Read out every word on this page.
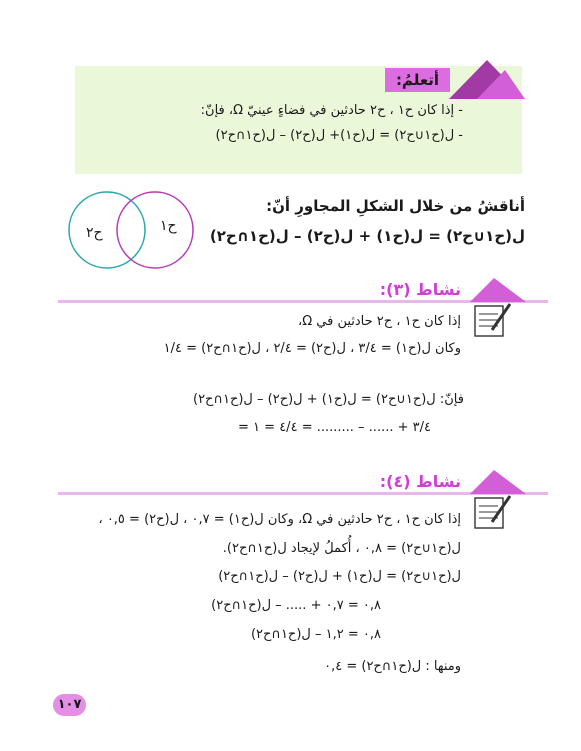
أتعلمُ:
- إذا كان ح١ ، ح٢ حادثين في فضاءٍ عينيّ Ω، فإنّ:
- ل(ح١∪ح٢) = ل(ح١)+ ل(ح٢) – ل(ح١∩ح٢)
أناقشُ من خلال الشكلِ المجاورِ أنّ:
ل(ح١∪ح٢) = ل(ح١) + ل(ح٢) – ل(ح١∩ح٢)
ح١
ح٢
نشاط (٣):
إذا كان ح١ ، ح٢ حادثين في Ω،
وكان ل(ح١) = ٣/٤ ، ل(ح٢) = ٢/٤ ، ل(ح١∩ح٢) = ١/٤
فإنّ: ل(ح١∪ح٢) = ل(ح١) + ل(ح٢) – ل(ح١∩ح٢)
= ٣/٤ + ...... – ......... = ٤/٤ = ١
نشاط (٤):
إذا كان ح١ ، ح٢ حادثين في Ω، وكان ل(ح١) = ٠,٧ ، ل(ح٢) = ٠,٥ ،
ل(ح١∪ح٢) = ٠,٨ ، أُكملُ لإيجاد ل(ح١∩ح٢).
ل(ح١∪ح٢) = ل(ح١) + ل(ح٢) – ل(ح١∩ح٢)
٠,٨ = ٠,٧ + ..... – ل(ح١∩ح٢)
٠,٨ = ١,٢ – ل(ح١∩ح٢)
ومنها : ل(ح١∩ح٢) = ٠,٤
١٠٧
